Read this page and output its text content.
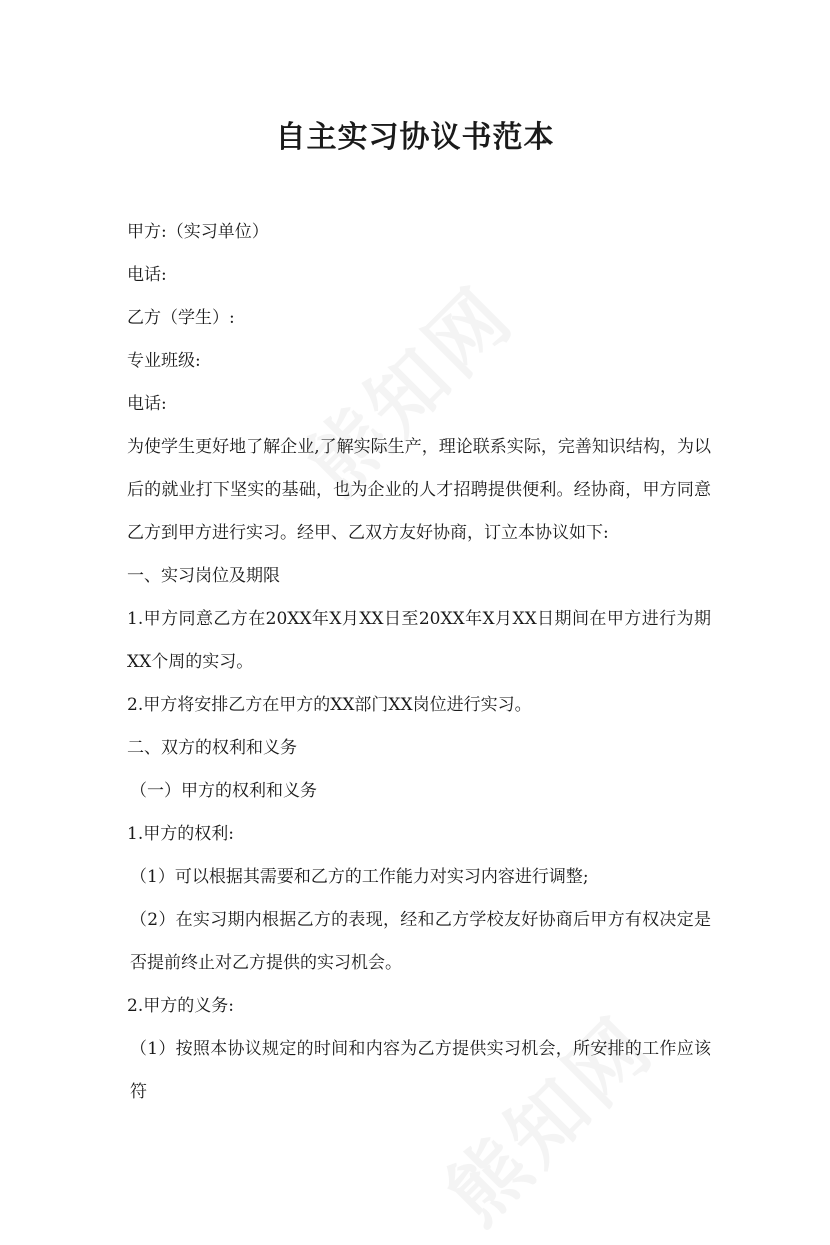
自主实习协议书范本

甲方:（实习单位）

电话:

乙方（学生）:

专业班级:

电话:

为使学生更好地了解企业,了解实际生产，理论联系实际，完善知识结构，为以后的就业打下坚实的基础，也为企业的人才招聘提供便利。经协商，甲方同意乙方到甲方进行实习。经甲、乙双方友好协商，订立本协议如下:

一、实习岗位及期限

1.甲方同意乙方在20XX年X月XX日至20XX年X月XX日期间在甲方进行为期XX个周的实习。

2.甲方将安排乙方在甲方的XX部门XX岗位进行实习。

二、双方的权利和义务

（一）甲方的权利和义务

1.甲方的权利:

（1）可以根据其需要和乙方的工作能力对实习内容进行调整;

（2）在实习期内根据乙方的表现，经和乙方学校友好协商后甲方有权决定是否提前终止对乙方提供的实习机会。

2.甲方的义务:

（1）按照本协议规定的时间和内容为乙方提供实习机会，所安排的工作应该符
